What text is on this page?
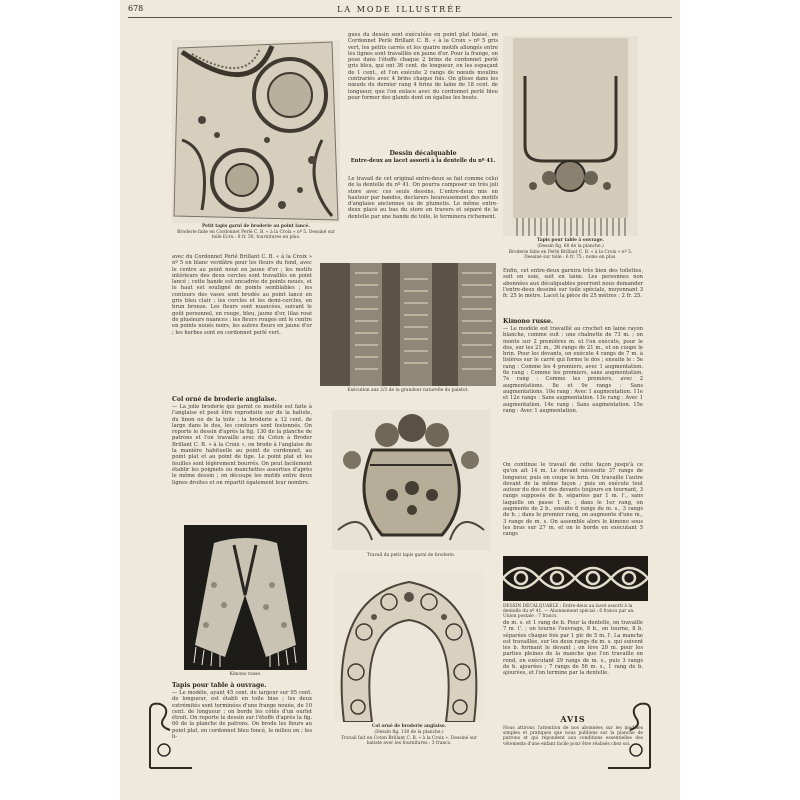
678	LA MODE ILLUSTRÉE
Petit tapis garni de broderie au point lancé.
Broderie faite en Cordonnet Perlé C. B. « à la Croix » nº 5. Dessiné sur toile Ecru : 8 fr. 50, fournitures en plus.
gues du dessin sont exécutées en point plat biaisé, en Cordonnet Perlé Brillant C. B. « à la Croix » nº 5 gris vert, les petits carrés et les quatre motifs allongés entre les lignes sont travaillés en jaune d'or. Pour la frange, on pose dans l'étoffe chaque 2 brins de cordonnet perlé gris bleu, qui ont 36 cent. de longueur, en les espaçant de 1 cent., et l'on exécute 2 rangs de nœuds moulins contrariés avec 4 brins chaque fois. On glisse dans les nœuds du dernier rang 4 brins de laine de 18 cent. de longueur, que l'on enlace avec du cordonnet perlé bleu pour former des glands dont on égalise les bouts.
Dessin décalquable
Entre-deux au lacet assorti à la dentelle du nº 41.
Le travail de cet original entre-deux se fait comme celui de la dentelle du nº 41. On pourra composer un très joli store avec ces seuls dessins. L'entre-deux mis en hauteur par bandes, declarers heureusement des motifs d'anglaise anciennes ou de plumetis. Le même entre-deux placé au bas du store en travers et séparé de la dentelle par une bande de toile, le terminera richement.
Tapis pour table à ouvrage.
(Dessin fig. 60 de la planche.)
Broderie faite en Perlé Brillant C. B. « à la Croix » nº 5. Dessiné sur toile : 6 fr. 75 ; noms en plus.
avec du Cordonnet Perlé Brillant C. B. « à la Croix » nº 5 en blanc verdâtre pour les fleurs du fond, avec le centre au point noué en jaune d'or ; les motifs intérieurs des deux cercles sont travaillés en point lancé ; cette bande est encadrée de points noués, et le haut est souligné de points semblables ; les contours des vases sont brodés au point lancé en gris bleu clair ; les cercles et les demi-cercles, en brun bronze. Les fleurs sont nuancées, suivant le goût personnel, en rouge, bleu, jaune d'or, lilas rosé de plusieurs nuances ; les fleurs rouges ont le centre en points noués noirs, les autres fleurs en jaune d'or ; les herbes sont en cordonnet perlé vert.
Col orné de broderie anglaise.
— La jolie broderie qui garnit ce modèle est faite à l'anglaise et peut être reproduite sur de la batiste, du linon ou de la toile ; la broderie a 12 cent. de large dans le dos, les contours sont festonnés. On reporte le dessin d'après la fig. 130 de la planche de patrons et l'on travaille avec du Coton à Broder Brillant C. B. « à la Croix », on brode à l'anglaise de la manière habituelle au point de cordonnet, au point plat et au point de tige. Le point plat et les feuilles sont légèrement bourrés. On peut facilement établir les poignets ou manchettes assorties d'après le même dessin ; on découpe les motifs entre deux lignes droites et on répartit également leur nombre.
Exécution aux 2/3 de la grandeur naturelle du paletot.
Travail du petit tapis garni de broderie.
Kimono russe.
Tapis pour table à ouvrage.
— Le modèle, ayant 45 cent. de largeur sur 95 cent. de longueur, est établi en toile bise ; les deux extrémités sont terminées d'une frange nouée, de 10 cent. de longueur ; on borde les côtés d'un ourlet étroit. On reporte le dessin sur l'étoffe d'après la fig. 60 de la planche de patrons. On brode les fleurs au point plat, en cordonnet bleu foncé, le milieu en ; les li-
Col orné de broderie anglaise.
(Dessin fig. 130 de la planche.)
Travail fait en Coton Brillant C. B. « à la Croix ». Dessiné sur batiste avec les fournitures : 3 francs.
Enfin, cet entre-deux garnira très bien des toilettes, soit en soie, soit en laine. Les personnes non abonnées aux décalquables pourront nous demander l'entre-deux dessiné sur toile spéciale, moyennant 3 fr. 25 le mètre. Lacet la pièce de 25 mètres : 2 fr. 25.
Kimono russe.
— Le modèle est travaillé au crochet en laine rayon blanche, comme suit : une chaînette de 73 m. ; on monte sur 2 premières m. et l'on exécute, pour le dos, sur les 21 m., 36 rangs de 21 m., et on coupe le brin. Pour les devants, on exécute 4 rangs de 7 m. à lisières sur le carré qui forme le dos ; ensuite le : 5e rang : Comme les 4 premiers, avec 1 augmentation. 6e rang : Comme les premiers, sans augmentation. 7e rang : Comme les premiers, avec 2 augmentations. 8e et 9e rangs : Sans augmentations. 10e rang : Avec 1 augmentation. 11e et 12e rangs : Sans augmentation. 13e rang : Avec 1 augmentation. 14e rang : Sans augmentation. 15e rang : Avec 1 augmentation.
On continue le travail de cette façon jusqu'à ce qu'on ait 14 m. Le devant nécessite 37 rangs de longueur, puis on coupe le brin. On travaille l'autre devant de la même façon ; puis on exécute tout autour du dos et des devants toujours en tournant, 3 rangs supposés de b. séparées par 1 m. l'., sans laquelle on passe 1 m. ; dans le 1er rang, on augmente de 2 b., ensuite 6 rangs de m. s., 3 rangs de b. ; dans le premier rang, on augmente d'une m., 3 rangs de m. s. On assemble alors le kimono sous les bras sur 27 m. et on le borde en exécutant 5 rangs
DESSIN DÉCALQUABLE : Entre-deux au lacet assorti à la dentelle du nº 41. — Abonnement spécial : 6 francs par an. Union postale : 7 francs.
de m. s. et 1 rang de b. Pour la dentelle, on travaille 7 m. l'. ; on tourne l'ouvrage, 8 b., on tourne, 8 b. séparées chaque fois par 1 pic de 5 m. l'. La manche est travaillée, sur les deux rangs de m. s. qui suivent les b. formant le devant ; on lève 20 m. pour les parties pleines de la manche que l'on travaille en rond, en exécutant 29 rangs de m. s., puis 3 rangs de b. ajourées ; 7 rangs de 56 m. s., 1 rang de b. ajourées, et l'on termine par la dentelle.
AVIS
Nous attirons l'attention de nos abonnées sur les modèles simples et pratiques que nous publions sur la planche de patrons et qui répondent aux conditions essentielles des vêtements d'une enfant facile pour être réalisés chez soi.
